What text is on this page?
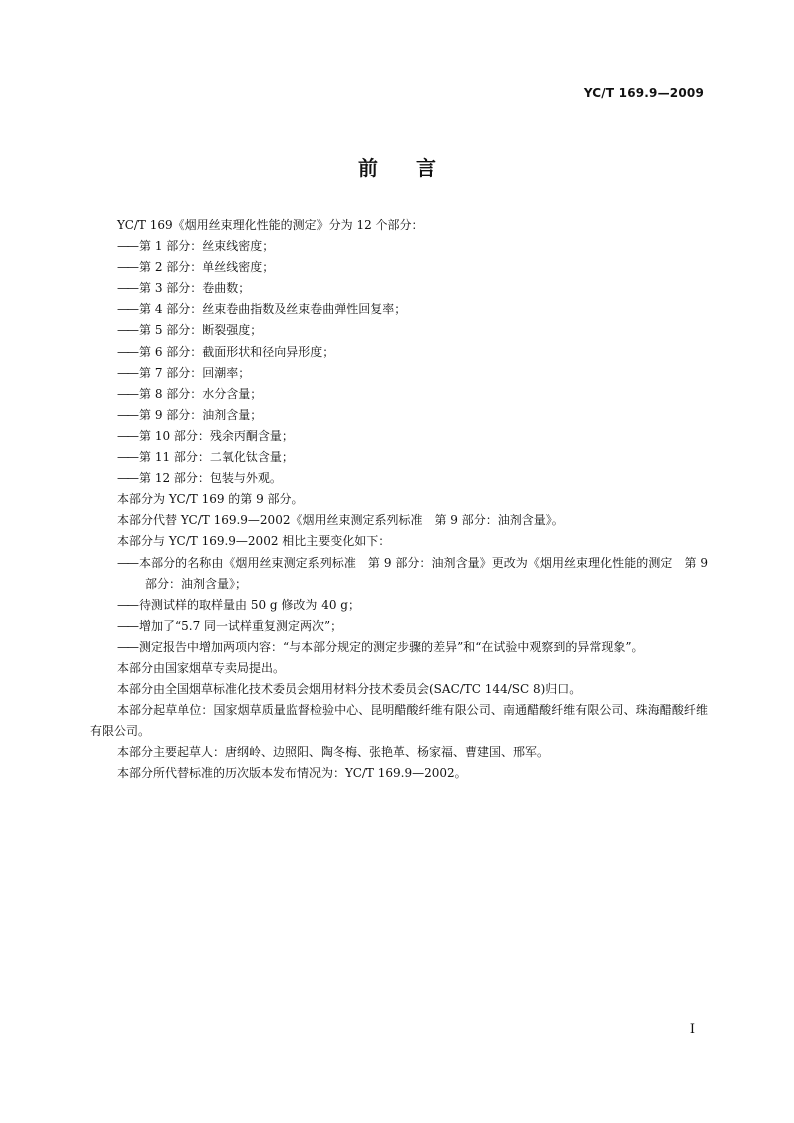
YC/T 169.9—2009
前 言

YC/T 169《烟用丝束理化性能的测定》分为 12 个部分：

—— 第 1 部分：丝束线密度；

—— 第 2 部分：单丝线密度；

—— 第 3 部分：卷曲数；

—— 第 4 部分：丝束卷曲指数及丝束卷曲弹性回复率；

—— 第 5 部分：断裂强度；

—— 第 6 部分：截面形状和径向异形度；

—— 第 7 部分：回潮率；

—— 第 8 部分：水分含量；

—— 第 9 部分：油剂含量；

—— 第 10 部分：残余丙酮含量；

—— 第 11 部分：二氧化钛含量；

—— 第 12 部分：包装与外观。

本部分为 YC/T 169 的第 9 部分。

本部分代替 YC/T 169.9—2002《烟用丝束测定系列标准　第 9 部分：油剂含量》。

本部分与 YC/T 169.9—2002 相比主要变化如下：

—— 本部分的名称由《烟用丝束测定系列标准　第 9 部分：油剂含量》更改为《烟用丝束理化性能的测定　第 9 部分：油剂含量》；

—— 待测试样的取样量由 50 g 修改为 40 g；

—— 增加了“5.7 同一试样重复测定两次”；

—— 测定报告中增加两项内容：“与本部分规定的测定步骤的差异”和“在试验中观察到的异常现象”。

本部分由国家烟草专卖局提出。

本部分由全国烟草标准化技术委员会烟用材料分技术委员会(SAC/TC 144/SC 8)归口。

本部分起草单位：国家烟草质量监督检验中心、昆明醋酸纤维有限公司、南通醋酸纤维有限公司、珠海醋酸纤维有限公司。

本部分主要起草人：唐纲岭、边照阳、陶冬梅、张艳革、杨家福、曹建国、邢军。

本部分所代替标准的历次版本发布情况为：YC/T 169.9—2002。

I
